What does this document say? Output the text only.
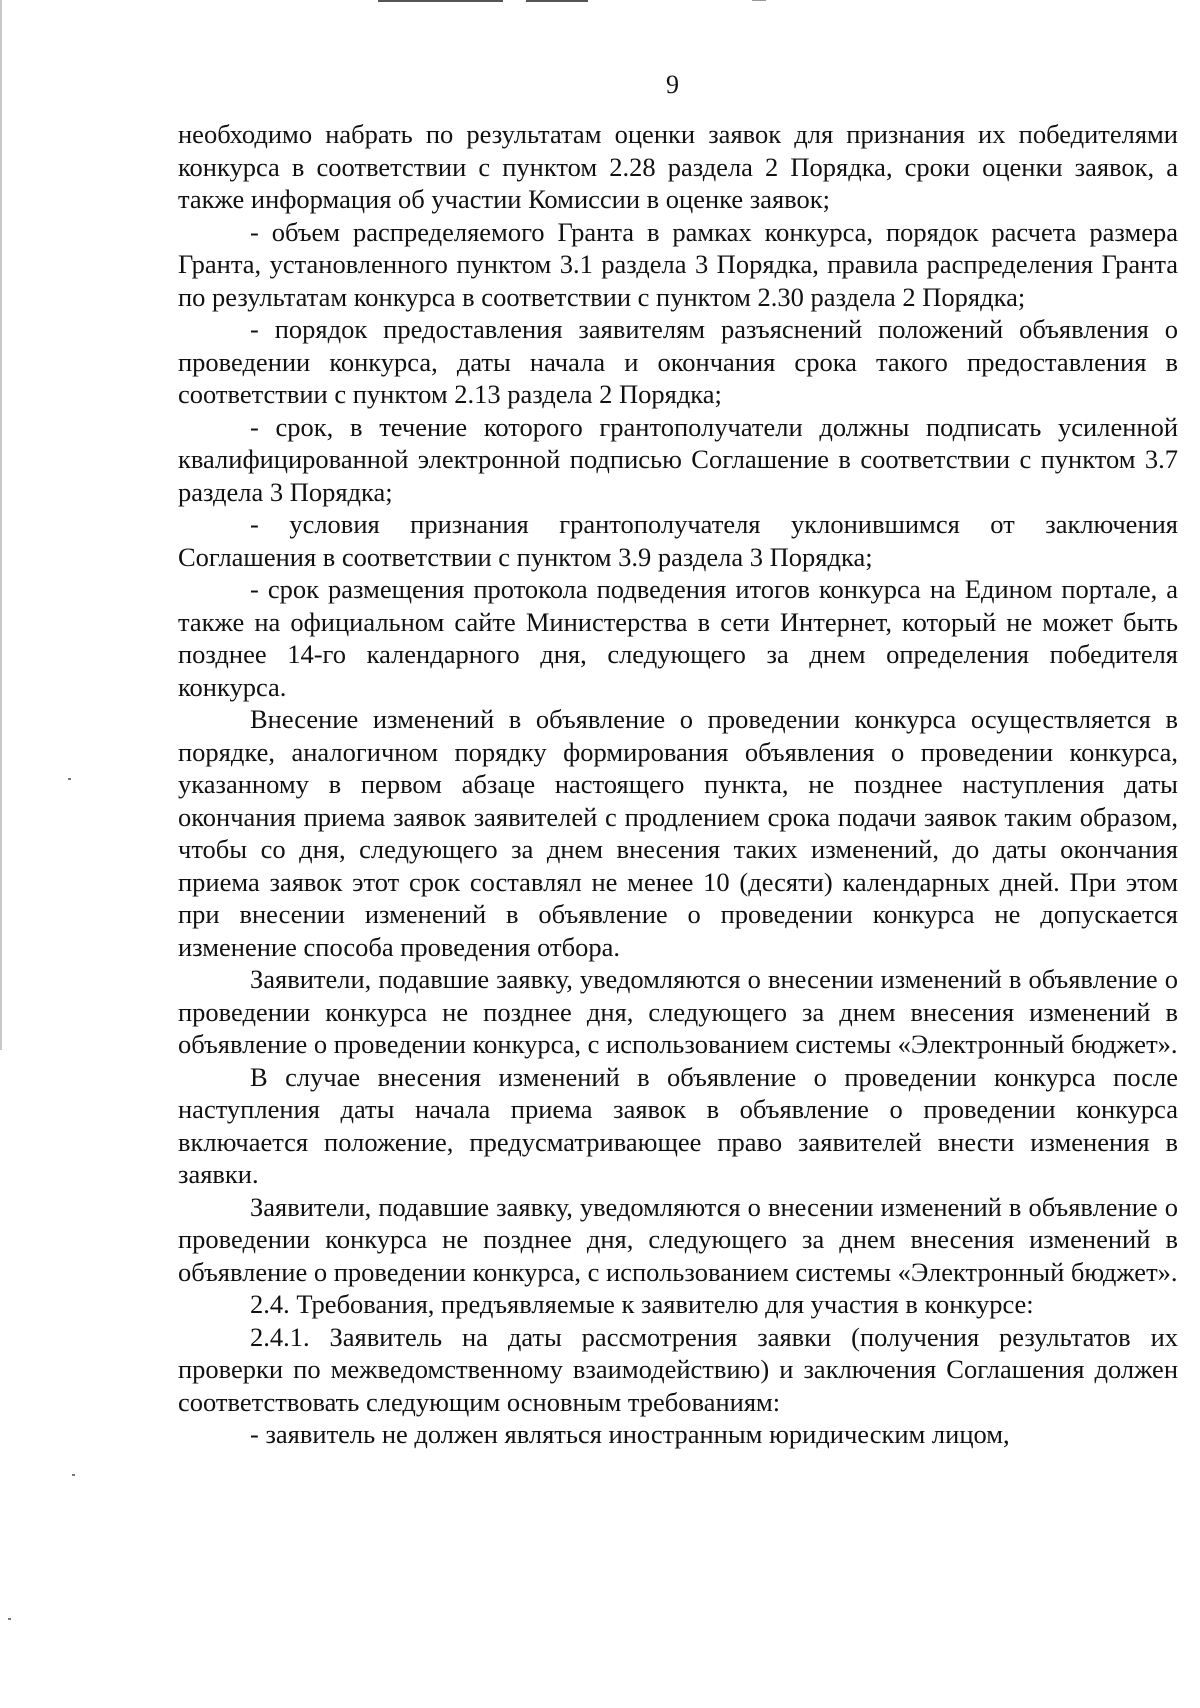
9

необходимо набрать по результатам оценки заявок для признания их победителями конкурса в соответствии с пунктом 2.28 раздела 2 Порядка, сроки оценки заявок, а также информация об участии Комиссии в оценке заявок;

- объем распределяемого Гранта в рамках конкурса, порядок расчета размера Гранта, установленного пунктом 3.1 раздела 3 Порядка, правила распределения Гранта по результатам конкурса в соответствии с пунктом 2.30 раздела 2 Порядка;

- порядок предоставления заявителям разъяснений положений объявления о проведении конкурса, даты начала и окончания срока такого предоставления в соответствии с пунктом 2.13 раздела 2 Порядка;

- срок, в течение которого грантополучатели должны подписать усиленной квалифицированной электронной подписью Соглашение в соответствии с пунктом 3.7 раздела 3 Порядка;

- условия признания грантополучателя уклонившимся от заключения Соглашения в соответствии с пунктом 3.9 раздела 3 Порядка;

- срок размещения протокола подведения итогов конкурса на Едином портале, а также на официальном сайте Министерства в сети Интернет, который не может быть позднее 14-го календарного дня, следующего за днем определения победителя конкурса.

Внесение изменений в объявление о проведении конкурса осуществляется в порядке, аналогичном порядку формирования объявления о проведении конкурса, указанному в первом абзаце настоящего пункта, не позднее наступления даты окончания приема заявок заявителей с продлением срока подачи заявок таким образом, чтобы со дня, следующего за днем внесения таких изменений, до даты окончания приема заявок этот срок составлял не менее 10 (десяти) календарных дней. При этом при внесении изменений в объявление о проведении конкурса не допускается изменение способа проведения отбора.

Заявители, подавшие заявку, уведомляются о внесении изменений в объявление о проведении конкурса не позднее дня, следующего за днем внесения изменений в объявление о проведении конкурса, с использованием системы «Электронный бюджет».

В случае внесения изменений в объявление о проведении конкурса после наступления даты начала приема заявок в объявление о проведении конкурса включается положение, предусматривающее право заявителей внести изменения в заявки.

Заявители, подавшие заявку, уведомляются о внесении изменений в объявление о проведении конкурса не позднее дня, следующего за днем внесения изменений в объявление о проведении конкурса, с использованием системы «Электронный бюджет».

2.4. Требования, предъявляемые к заявителю для участия в конкурсе:

2.4.1. Заявитель на даты рассмотрения заявки (получения результатов их проверки по межведомственному взаимодействию) и заключения Соглашения должен соответствовать следующим основным требованиям:

- заявитель не должен являться иностранным юридическим лицом,
